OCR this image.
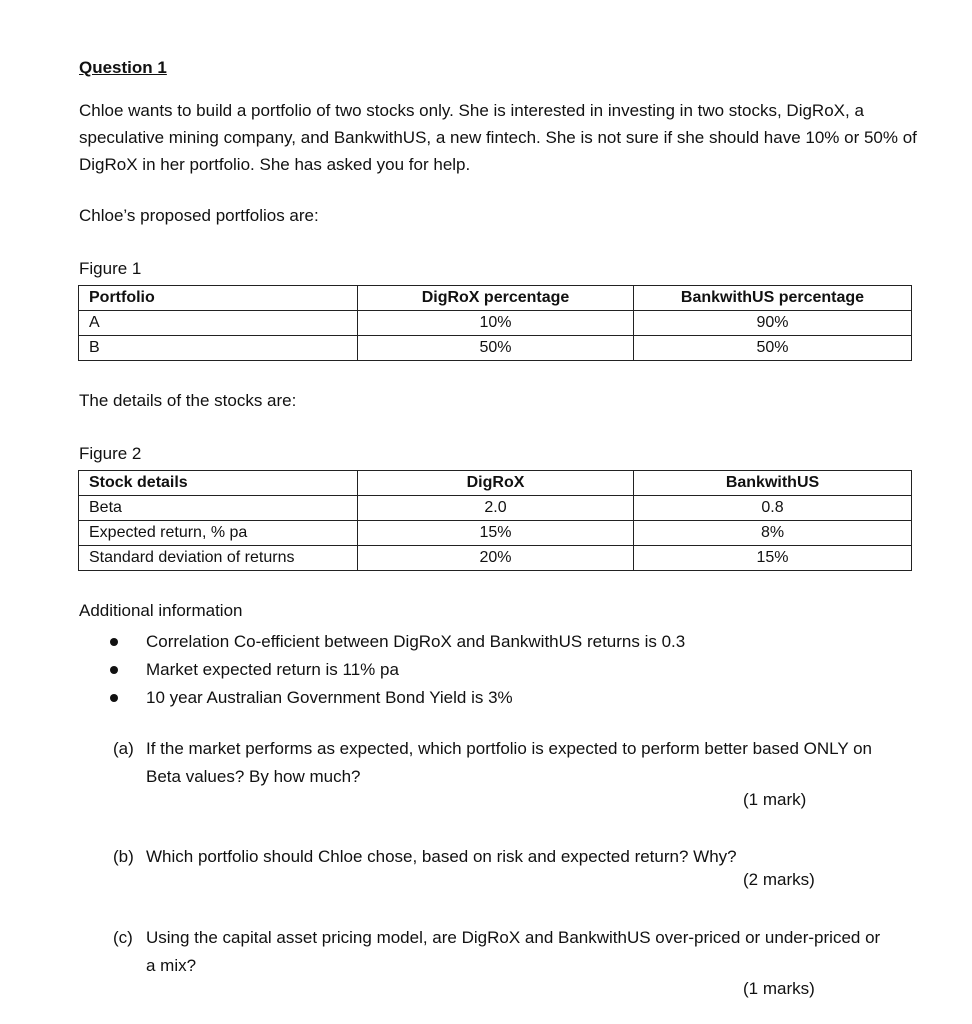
Question 1
Chloe wants to build a portfolio of two stocks only. She is interested in investing in two stocks, DigRoX, a speculative mining company, and BankwithUS, a new fintech. She is not sure if she should have 10% or 50% of DigRoX in her portfolio. She has asked you for help.
Chloe’s proposed portfolios are:
Figure 1
Portfolio	DigRoX percentage	BankwithUS percentage
A	10%	90%
B	50%	50%
The details of the stocks are:
Figure 2
Stock details	DigRoX	BankwithUS
Beta	2.0	0.8
Expected return, % pa	15%	8%
Standard deviation of returns	20%	15%
Additional information
Correlation Co-efficient between DigRoX and BankwithUS returns is 0.3
Market expected return is 11% pa
10 year Australian Government Bond Yield is 3%
(a) If the market performs as expected, which portfolio is expected to perform better based ONLY on Beta values? By how much?
(1 mark)
(b) Which portfolio should Chloe chose, based on risk and expected return? Why?
(2 marks)
(c) Using the capital asset pricing model, are DigRoX and BankwithUS over-priced or under-priced or a mix?
(1 marks)
